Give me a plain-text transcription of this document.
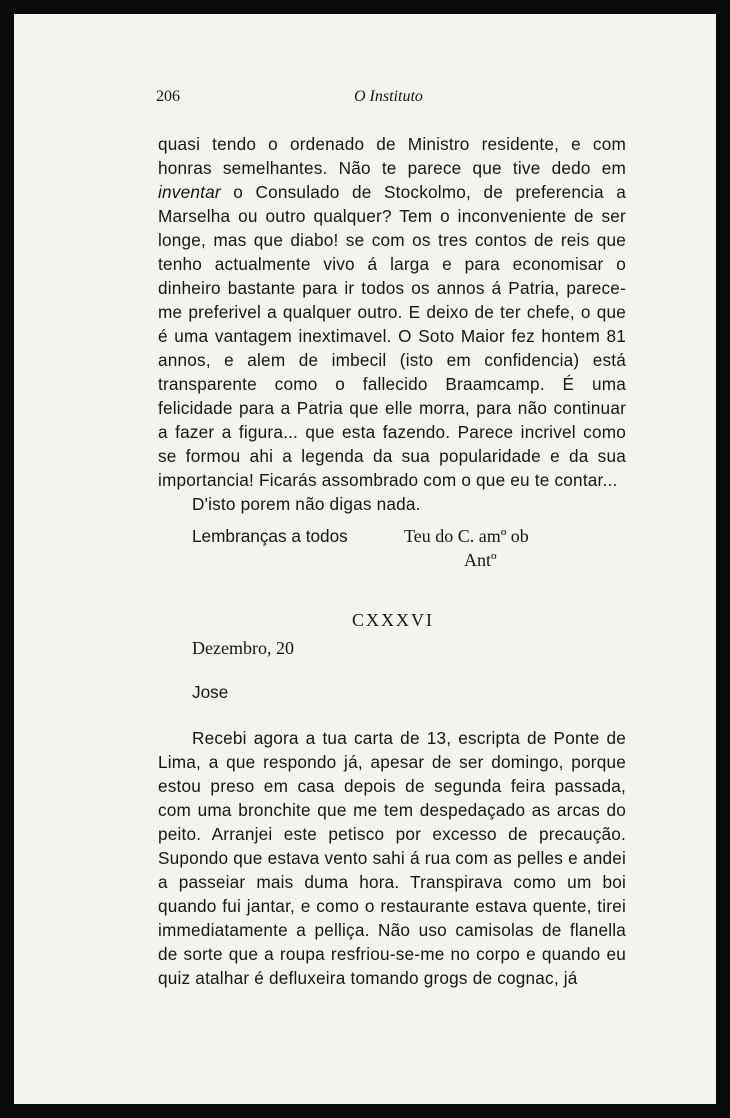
206	O Instituto

quasi tendo o ordenado de Ministro residente, e com honras semelhantes. Não te parece que tive dedo em inventar o Consulado de Stockolmo, de preferencia a Marselha ou outro qualquer? Tem o inconveniente de ser longe, mas que diabo! se com os tres contos de reis que tenho actualmente vivo á larga e para economisar o dinheiro bastante para ir todos os annos á Patria, parece-me preferivel a qualquer outro. E deixo de ter chefe, o que é uma vantagem inextimavel. O Soto Maior fez hontem 81 annos, e alem de imbecil (isto em confidencia) está transparente como o fallecido Braamcamp. É uma felicidade para a Patria que elle morra, para não continuar a fazer a figura... que esta fazendo. Parece incrivel como se formou ahi a legenda da sua popularidade e da sua importancia! Ficarás assombrado com o que eu te contar...

D'isto porem não digas nada.

Lembranças a todos	Teu do C. amº ob
Antº
CXXXVI
Dezembro, 20
Jose

Recebi agora a tua carta de 13, escripta de Ponte de Lima, a que respondo já, apesar de ser domingo, porque estou preso em casa depois de segunda feira passada, com uma bronchite que me tem despedaçado as arcas do peito. Arranjei este petisco por excesso de precaução. Supondo que estava vento sahi á rua com as pelles e andei a passeiar mais duma hora. Transpirava como um boi quando fui jantar, e como o restaurante estava quente, tirei immediatamente a pelliça. Não uso camisolas de flanella de sorte que a roupa resfriou-se-me no corpo e quando eu quiz atalhar é defluxeira tomando grogs de cognac, já
